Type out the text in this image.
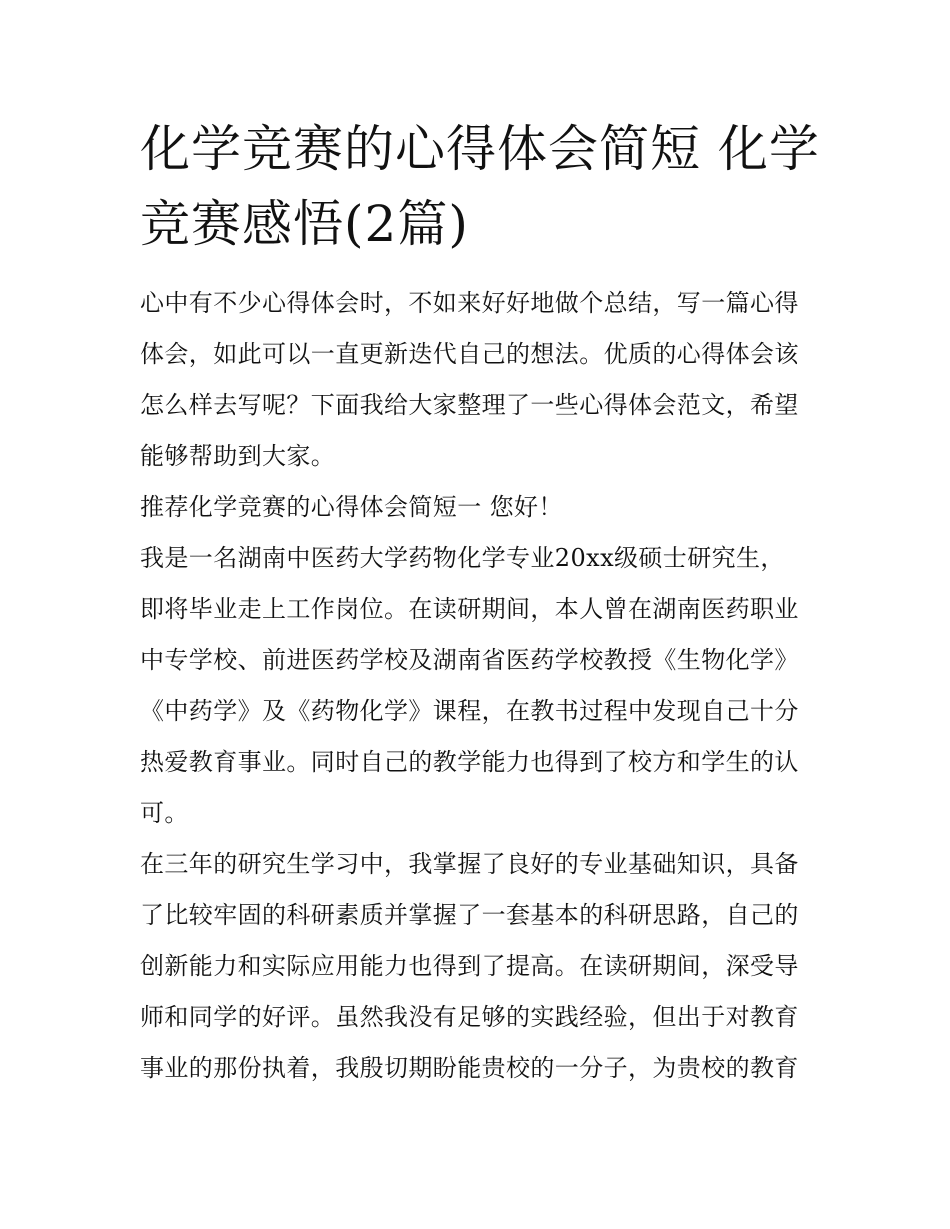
化学竞赛的心得体会简短 化学竞赛感悟(2篇)

心中有不少心得体会时，不如来好好地做个总结，写一篇心得体会，如此可以一直更新迭代自己的想法。优质的心得体会该怎么样去写呢？下面我给大家整理了一些心得体会范文，希望能够帮助到大家。

推荐化学竞赛的心得体会简短一 您好！

我是一名湖南中医药大学药物化学专业20xx级硕士研究生，

即将毕业走上工作岗位。在读研期间，本人曾在湖南医药职业中专学校、前进医药学校及湖南省医药学校教授《生物化学》《中药学》及《药物化学》课程，在教书过程中发现自己十分热爱教育事业。同时自己的教学能力也得到了校方和学生的认可。

在三年的研究生学习中，我掌握了良好的专业基础知识，具备了比较牢固的科研素质并掌握了一套基本的科研思路，自己的创新能力和实际应用能力也得到了提高。在读研期间，深受导师和同学的好评。虽然我没有足够的实践经验，但出于对教育事业的那份执着，我殷切期盼能贵校的一分子，为贵校的教育
